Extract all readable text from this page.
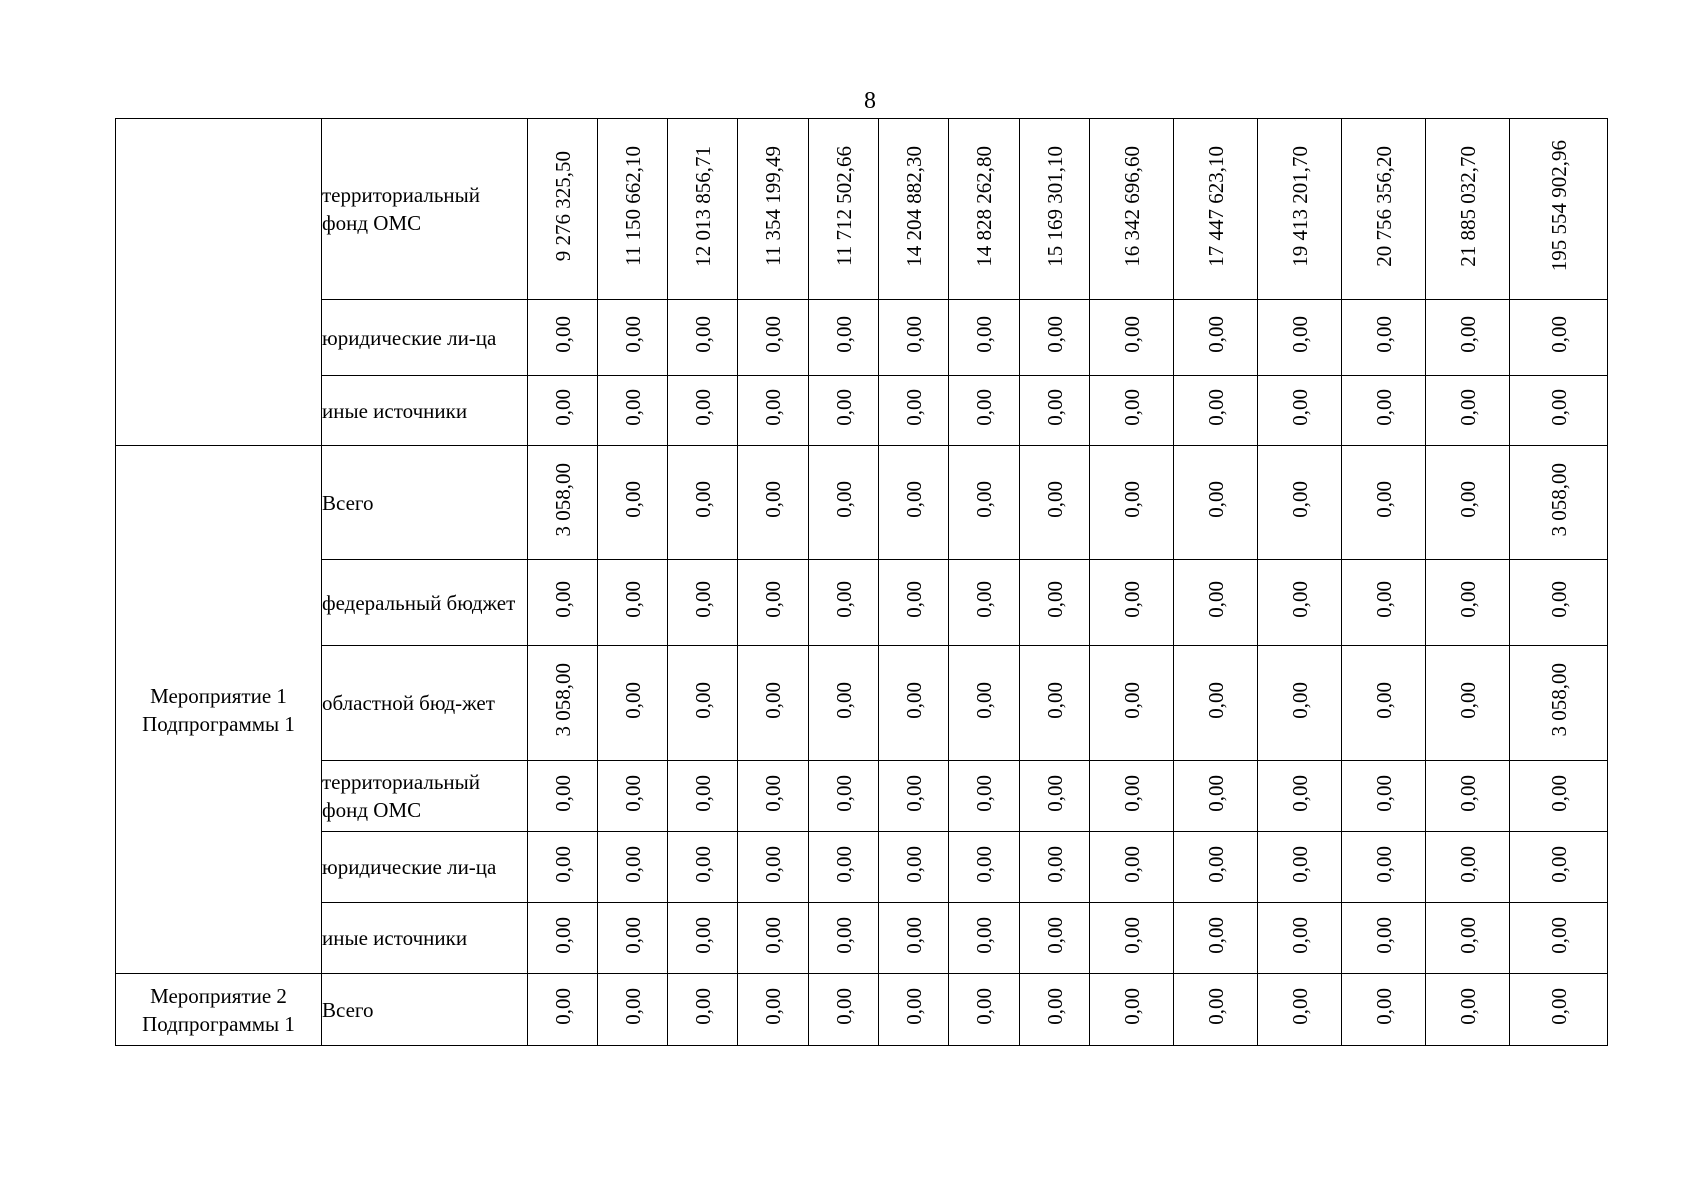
8
	территориальный фонд ОМС	9 276 325,50	11 150 662,10	12 013 856,71	11 354 199,49	11 712 502,66	14 204 882,30	14 828 262,80	15 169 301,10	16 342 696,60	17 447 623,10	19 413 201,70	20 756 356,20	21 885 032,70	195 554 902,96
	юридические ли-ца	0,00	0,00	0,00	0,00	0,00	0,00	0,00	0,00	0,00	0,00	0,00	0,00	0,00	0,00
	иные источники	0,00	0,00	0,00	0,00	0,00	0,00	0,00	0,00	0,00	0,00	0,00	0,00	0,00	0,00
Мероприятие 1 Подпрограммы 1	Всего	3 058,00	0,00	0,00	0,00	0,00	0,00	0,00	0,00	0,00	0,00	0,00	0,00	0,00	3 058,00
	федеральный бюджет	0,00	0,00	0,00	0,00	0,00	0,00	0,00	0,00	0,00	0,00	0,00	0,00	0,00	0,00
	областной бюд-жет	3 058,00	0,00	0,00	0,00	0,00	0,00	0,00	0,00	0,00	0,00	0,00	0,00	0,00	3 058,00
	территориальный фонд ОМС	0,00	0,00	0,00	0,00	0,00	0,00	0,00	0,00	0,00	0,00	0,00	0,00	0,00	0,00
	юридические ли-ца	0,00	0,00	0,00	0,00	0,00	0,00	0,00	0,00	0,00	0,00	0,00	0,00	0,00	0,00
	иные источники	0,00	0,00	0,00	0,00	0,00	0,00	0,00	0,00	0,00	0,00	0,00	0,00	0,00	0,00
Мероприятие 2 Подпрограммы 1	Всего	0,00	0,00	0,00	0,00	0,00	0,00	0,00	0,00	0,00	0,00	0,00	0,00	0,00	0,00
